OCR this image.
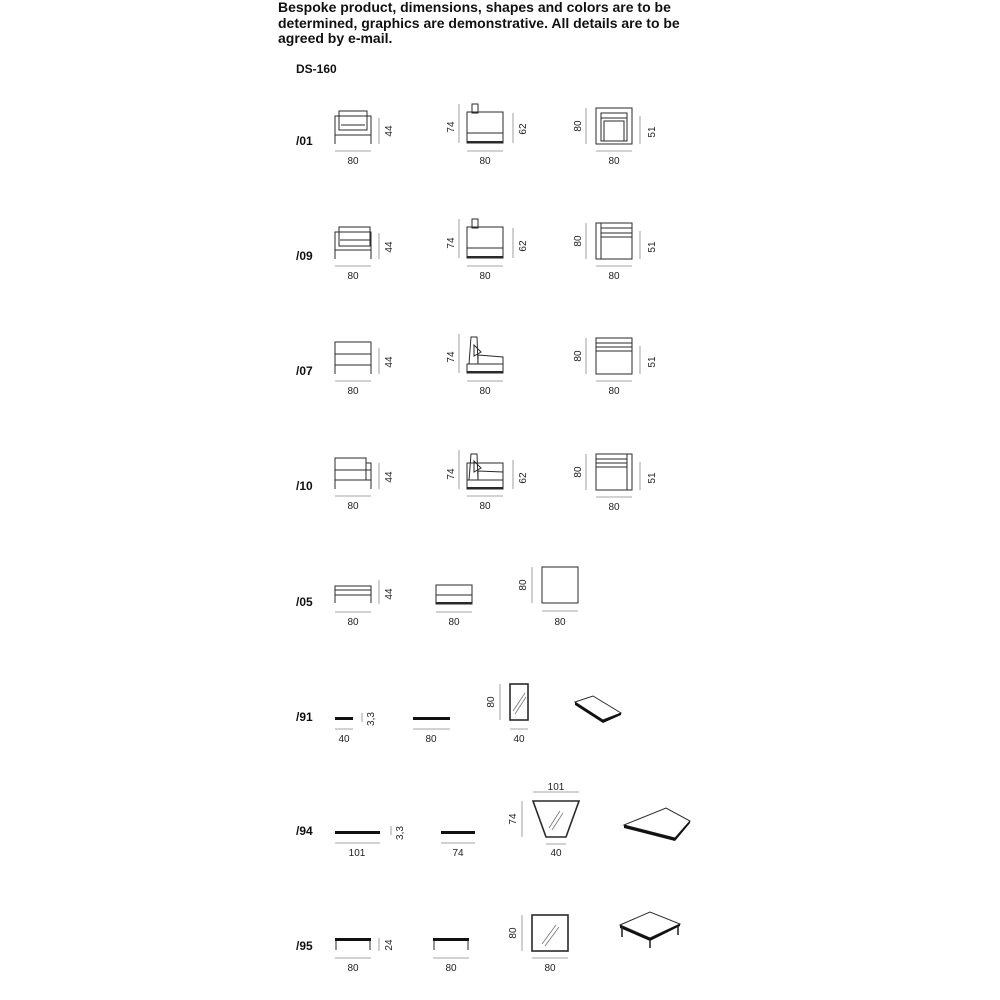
Bespoke product, dimensions, shapes and colors are to be determined, graphics are demonstrative. All details are to be agreed by e-mail.

DS-160

/01
80
44	74	62
80
80
51
80
/09
80
44	74	62
80
80
51
80
/07
80
44	74
80
80
51
80
/10
80
44	74	62
80
80
51
80
/05
80
44
80
80
80
/91
40
3,3
80
80
40
/94
101
3,3
74
101
74
40
/95
80
24
80
80
80
